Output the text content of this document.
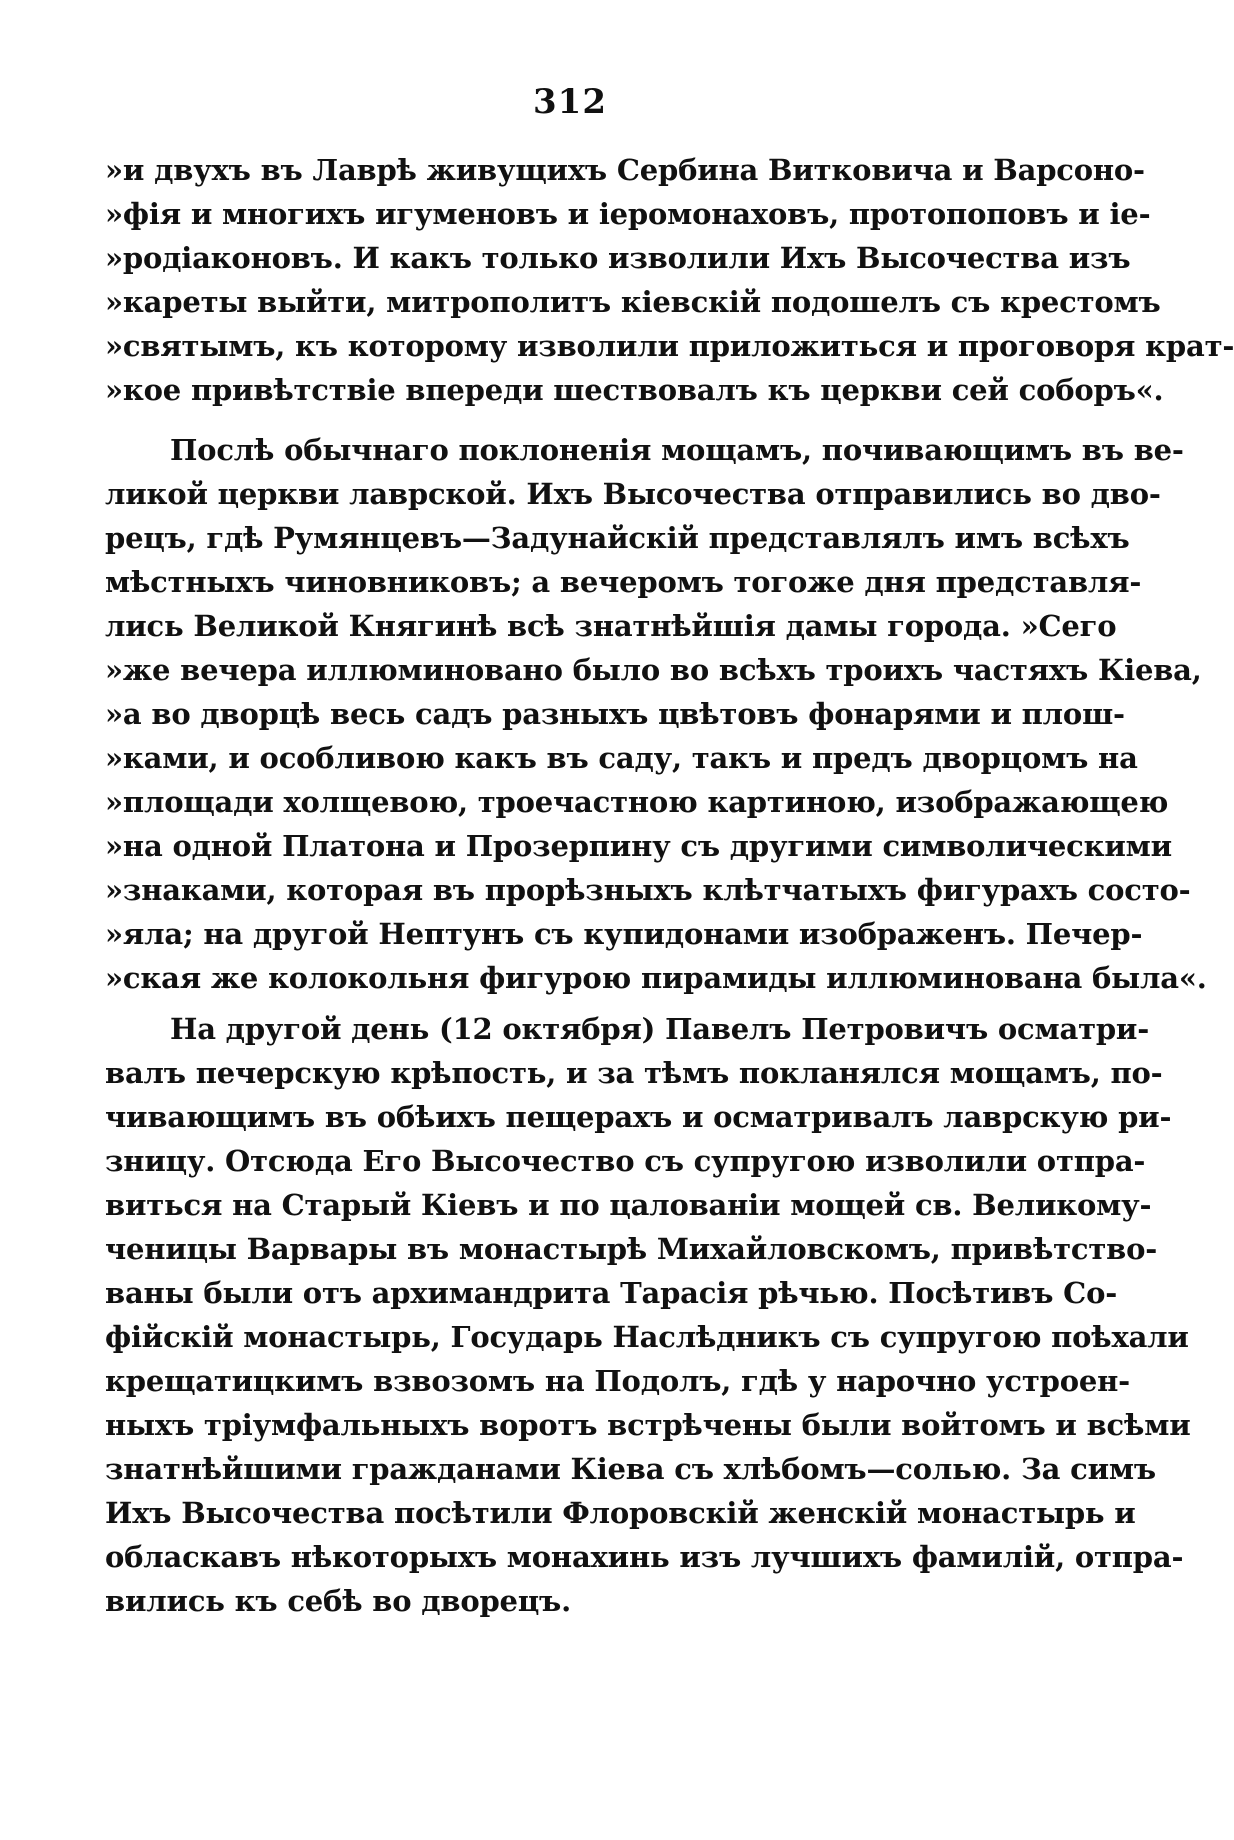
312
»и двухъ въ Лаврѣ живущихъ Сербина Витковича и Варсоно-
»фія и многихъ игуменовъ и іеромонаховъ, протопоповъ и іе-
»родіаконовъ. И какъ только изволили Ихъ Высочества изъ
»кареты выйти, митрополитъ кіевскій подошелъ съ крестомъ
»святымъ, къ которому изволили приложиться и проговоря крат-
»кое привѣтствіе впереди шествовалъ къ церкви сей соборъ«.
Послѣ обычнаго поклоненія мощамъ, почивающимъ въ ве-
ликой церкви лаврской. Ихъ Высочества отправились во дво-
рецъ, гдѣ Румянцевъ—Задунайскій представлялъ имъ всѣхъ
мѣстныхъ чиновниковъ; а вечеромъ тогоже дня представля-
лись Великой Княгинѣ всѣ знатнѣйшія дамы города. »Сего
»же вечера иллюминовано было во всѣхъ троихъ частяхъ Кіева,
»а во дворцѣ весь садъ разныхъ цвѣтовъ фонарями и плош-
»ками, и особливою какъ въ саду, такъ и предъ дворцомъ на
»площади холщевою, троечастною картиною, изображающею
»на одной Платона и Прозерпину съ другими символическими
»знаками, которая въ прорѣзныхъ клѣтчатыхъ фигурахъ состо-
»яла; на другой Нептунъ съ купидонами изображенъ. Печер-
»ская же колокольня фигурою пирамиды иллюминована была«.
На другой день (12 октября) Павелъ Петровичъ осматри-
валъ печерскую крѣпость, и за тѣмъ покланялся мощамъ, по-
чивающимъ въ обѣихъ пещерахъ и осматривалъ лаврскую ри-
зницу. Отсюда Его Высочество съ супругою изволили отпра-
виться на Старый Кіевъ и по цалованіи мощей св. Великому-
ченицы Варвары въ монастырѣ Михайловскомъ, привѣтство-
ваны были отъ архимандрита Тарасія рѣчью. Посѣтивъ Со-
фійскій монастырь, Государь Наслѣдникъ съ супругою поѣхали
крещатицкимъ взвозомъ на Подолъ, гдѣ у нарочно устроен-
ныхъ тріумфальныхъ воротъ встрѣчены были войтомъ и всѣми
знатнѣйшими гражданами Кіева съ хлѣбомъ—солью. За симъ
Ихъ Высочества посѣтили Флоровскій женскій монастырь и
обласкавъ нѣкоторыхъ монахинь изъ лучшихъ фамилій, отпра-
вились къ себѣ во дворецъ.
